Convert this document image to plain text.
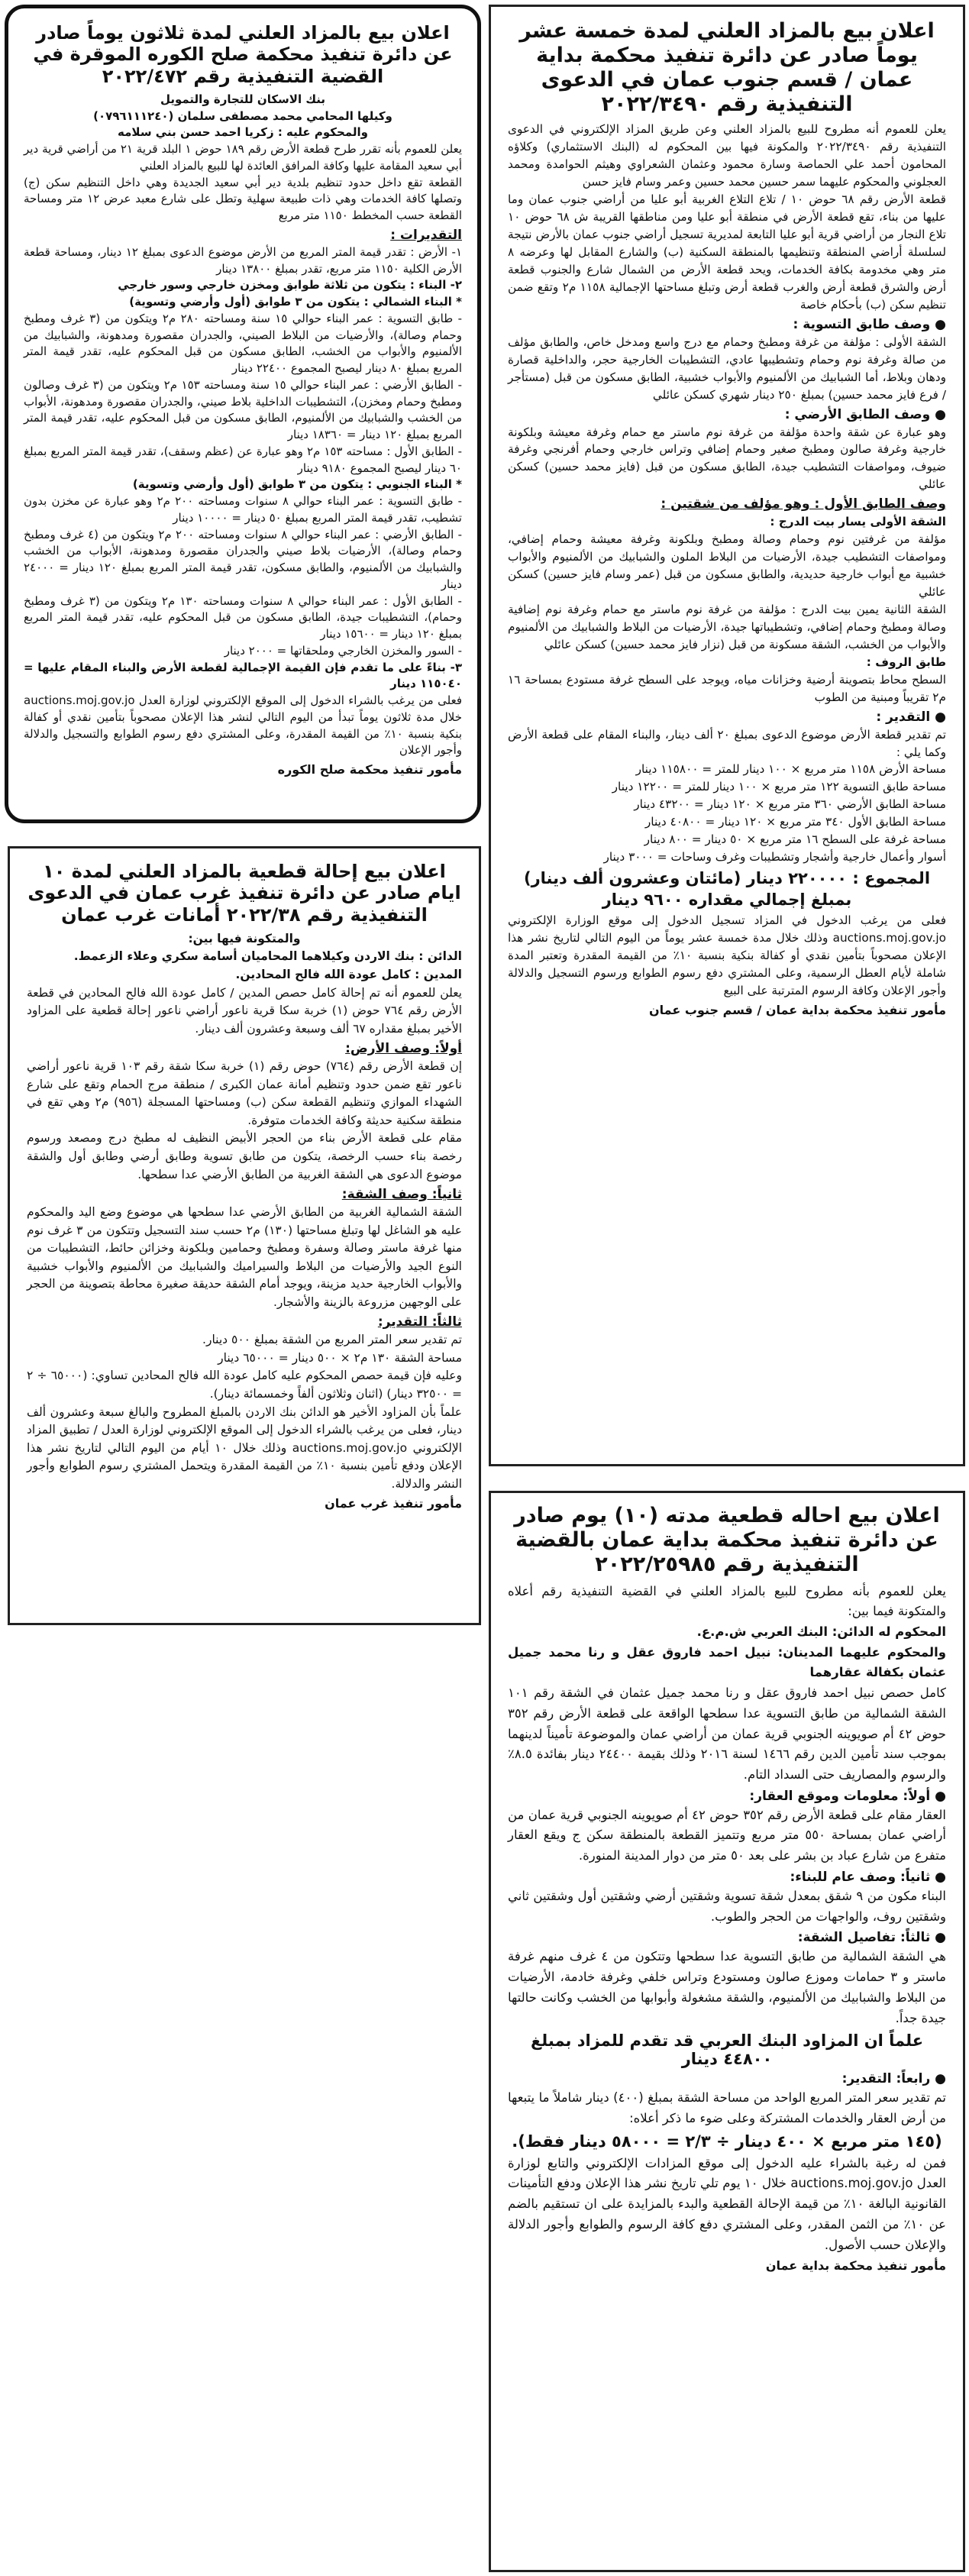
اعلان بيع بالمزاد العلني لمدة خمسة عشر يوماً صادر عن دائرة تنفيذ محكمة بداية عمان / قسم جنوب عمان في الدعوى التنفيذية رقم ٢٠٢٢/٣٤٩٠

يعلن للعموم أنه مطروح للبيع بالمزاد العلني وعن طريق المزاد الإلكتروني في الدعوى التنفيذية رقم ٢٠٢٢/٣٤٩٠ والمكونة فيها بين المحكوم له (البنك الاستثماري) وكلاؤه المحامون أحمد علي الحماصة وسارة محمود وعثمان الشعراوي وهيثم الحوامدة ومحمد العجلوني والمحكوم عليهما سمر حسين محمد حسين وعمر وسام فايز حسن

قطعة الأرض رقم ٦٨ حوض ١٠ / تلاع التلاع الغربية أبو عليا من أراضي جنوب عمان وما عليها من بناء، تقع قطعة الأرض في منطقة أبو عليا ومن مناطقها القريبة ش ٦٨ حوض ١٠ تلاع النجار من أراضي قرية أبو عليا التابعة لمديرية تسجيل أراضي جنوب عمان بالأرض نتيجة لسلسلة أراضي المنطقة وتنظيمها بالمنطقة السكنية (ب) والشارع المقابل لها وعرضه ٨ متر وهي مخدومة بكافة الخدمات، ويحد قطعة الأرض من الشمال شارع والجنوب قطعة أرض والشرق قطعة أرض والغرب قطعة أرض وتبلغ مساحتها الإجمالية ١١٥٨ م٢ وتقع ضمن تنظيم سكن (ب) بأحكام خاصة

● وصف طابق التسوية :

الشقة الأولى : مؤلفة من غرفة ومطبخ وحمام مع درج واسع ومدخل خاص، والطابق مؤلف من صالة وغرفة نوم وحمام وتشطيبها عادي، التشطيبات الخارجية حجر، والداخلية قصارة ودهان وبلاط، أما الشبابيك من الألمنيوم والأبواب خشبية، الطابق مسكون من قبل (مستأجر / فرع فايز محمد حسين) بمبلغ ٢٥٠ دينار شهري كسكن عائلي

● وصف الطابق الأرضي :

وهو عبارة عن شقة واحدة مؤلفة من غرفة نوم ماستر مع حمام وغرفة معيشة وبلكونة خارجية وغرفة صالون ومطبخ صغير وحمام إضافي وتراس خارجي وحمام أفرنجي وغرفة ضيوف، ومواصفات التشطيب جيدة، الطابق مسكون من قبل (فايز محمد حسين) كسكن عائلي

وصف الطابق الأول : وهو مؤلف من شقتين :

الشقة الأولى يسار بيت الدرج :

مؤلفة من غرفتين نوم وحمام وصالة ومطبخ وبلكونة وغرفة معيشة وحمام إضافي، ومواصفات التشطيب جيدة، الأرضيات من البلاط الملون والشبابيك من الألمنيوم والأبواب خشبية مع أبواب خارجية حديدية، والطابق مسكون من قبل (عمر وسام فايز حسين) كسكن عائلي

الشقة الثانية يمين بيت الدرج : مؤلفة من غرفة نوم ماستر مع حمام وغرفة نوم إضافية وصالة ومطبخ وحمام إضافي، وتشطيباتها جيدة، الأرضيات من البلاط والشبابيك من الألمنيوم والأبواب من الخشب، الشقة مسكونة من قبل (نزار فايز محمد حسين) كسكن عائلي

طابق الروف :

السطح محاط بتصوينة أرضية وخزانات مياه، ويوجد على السطح غرفة مستودع بمساحة ١٦ م٢ تقريباً ومبنية من الطوب

● التقدير :

تم تقدير قطعة الأرض موضوع الدعوى بمبلغ ٢٠ ألف دينار، والبناء المقام على قطعة الأرض وكما يلي :

مساحة الأرض ١١٥٨ متر مربع × ١٠٠ دينار للمتر = ١١٥٨٠٠ دينار

مساحة طابق التسوية ١٢٢ متر مربع × ١٠٠ دينار للمتر = ١٢٢٠٠ دينار

مساحة الطابق الأرضي ٣٦٠ متر مربع × ١٢٠ دينار = ٤٣٢٠٠ دينار

مساحة الطابق الأول ٣٤٠ متر مربع × ١٢٠ دينار = ٤٠٨٠٠ دينار

مساحة غرفة على السطح ١٦ متر مربع × ٥٠ دينار = ٨٠٠ دينار

أسوار وأعمال خارجية وأشجار وتشطيبات وغرف وساحات = ٣٠٠٠ دينار

المجموع : ٢٢٠٠٠٠ دينار (مائتان وعشرون ألف دينار)

بمبلغ إجمالي مقداره ٩٦٠٠ دينار

فعلى من يرغب الدخول في المزاد تسجيل الدخول إلى موقع الوزارة الإلكتروني auctions.moj.gov.jo وذلك خلال مدة خمسة عشر يوماً من اليوم التالي لتاريخ نشر هذا الإعلان مصحوباً بتأمين نقدي أو كفالة بنكية بنسبة ١٠٪ من القيمة المقدرة وتعتبر المدة شاملة لأيام العطل الرسمية، وعلى المشتري دفع رسوم الطوابع ورسوم التسجيل والدلالة وأجور الإعلان وكافة الرسوم المترتبة على البيع

مأمور تنفيذ محكمة بداية عمان / قسم جنوب عمان

اعلان بيع بالمزاد العلني لمدة ثلاثون يوماً صادر عن دائرة تنفيذ محكمة صلح الكوره الموقرة في القضية التنفيذية رقم ٢٠٢٢/٤٧٢

بنك الاسكان للتجارة والتمويل

وكيلها المحامي محمد مصطفى سلمان (٠٧٩٦١١١٢٤٠)

والمحكوم عليه : زكريا احمد حسن بني سلامه

يعلن للعموم بأنه تقرر طرح قطعة الأرض رقم ١٨٩ حوض ١ البلد قرية ٢١ من أراضي قرية دير أبي سعيد المقامة عليها وكافة المرافق العائدة لها للبيع بالمزاد العلني

القطعة تقع داخل حدود تنظيم بلدية دير أبي سعيد الجديدة وهي داخل التنظيم سكن (ج) وتصلها كافة الخدمات وهي ذات طبيعة سهلية وتطل على شارع معبد عرض ١٢ متر ومساحة القطعة حسب المخطط ١١٥٠ متر مربع

التقديرات :

١- الأرض : تقدر قيمة المتر المربع من الأرض موضوع الدعوى بمبلغ ١٢ دينار، ومساحة قطعة الأرض الكلية ١١٥٠ متر مربع، تقدر بمبلغ ١٣٨٠٠ دينار

٢- البناء : يتكون من ثلاثة طوابق ومخزن خارجي وسور خارجي

* البناء الشمالي : يتكون من ٣ طوابق (أول وأرضي وتسوية)

- طابق التسوية : عمر البناء حوالي ١٥ سنة ومساحته ٢٨٠ م٢ ويتكون من (٣ غرف ومطبخ وحمام وصالة)، والأرضيات من البلاط الصيني، والجدران مقصورة ومدهونة، والشبابيك من الألمنيوم والأبواب من الخشب، الطابق مسكون من قبل المحكوم عليه، تقدر قيمة المتر المربع بمبلغ ٨٠ دينار ليصبح المجموع ٢٢٤٠٠ دينار

- الطابق الأرضي : عمر البناء حوالي ١٥ سنة ومساحته ١٥٣ م٢ ويتكون من (٣ غرف وصالون ومطبخ وحمام ومخزن)، التشطيبات الداخلية بلاط صيني، والجدران مقصورة ومدهونة، الأبواب من الخشب والشبابيك من الألمنيوم، الطابق مسكون من قبل المحكوم عليه، تقدر قيمة المتر المربع بمبلغ ١٢٠ دينار = ١٨٣٦٠ دينار

- الطابق الأول : مساحته ١٥٣ م٢ وهو عبارة عن (عظم وسقف)، تقدر قيمة المتر المربع بمبلغ ٦٠ دينار ليصبح المجموع ٩١٨٠ دينار

* البناء الجنوبي : يتكون من ٣ طوابق (أول وأرضي وتسوية)

- طابق التسوية : عمر البناء حوالي ٨ سنوات ومساحته ٢٠٠ م٢ وهو عبارة عن مخزن بدون تشطيب، تقدر قيمة المتر المربع بمبلغ ٥٠ دينار = ١٠٠٠٠ دينار

- الطابق الأرضي : عمر البناء حوالي ٨ سنوات ومساحته ٢٠٠ م٢ ويتكون من (٤ غرف ومطبخ وحمام وصالة)، الأرضيات بلاط صيني والجدران مقصورة ومدهونة، الأبواب من الخشب والشبابيك من الألمنيوم، والطابق مسكون، تقدر قيمة المتر المربع بمبلغ ١٢٠ دينار = ٢٤٠٠٠ دينار

- الطابق الأول : عمر البناء حوالي ٨ سنوات ومساحته ١٣٠ م٢ ويتكون من (٣ غرف ومطبخ وحمام)، التشطيبات جيدة، الطابق مسكون من قبل المحكوم عليه، تقدر قيمة المتر المربع بمبلغ ١٢٠ دينار = ١٥٦٠٠ دينار

- السور والمخزن الخارجي وملحقاتها = ٢٠٠٠ دينار

٣- بناءً على ما تقدم فإن القيمة الإجمالية لقطعة الأرض والبناء المقام عليها = ١١٥٠٤٠ دينار

فعلى من يرغب بالشراء الدخول إلى الموقع الإلكتروني لوزارة العدل auctions.moj.gov.jo خلال مدة ثلاثون يوماً تبدأ من اليوم التالي لنشر هذا الإعلان مصحوباً بتأمين نقدي أو كفالة بنكية بنسبة ١٠٪ من القيمة المقدرة، وعلى المشتري دفع رسوم الطوابع والتسجيل والدلالة وأجور الإعلان

مأمور تنفيذ محكمة صلح الكوره

اعلان بيع احاله قطعية مدته (١٠) يوم صادر عن دائرة تنفيذ محكمة بداية عمان بالقضية التنفيذية رقم ٢٠٢٢/٢٥٩٨٥

يعلن للعموم بأنه مطروح للبيع بالمزاد العلني في القضية التنفيذية رقم أعلاه والمتكونة فيما بين:

المحكوم له الدائن: البنك العربي ش.م.ع.

والمحكوم عليهما المدينان: نبيل احمد فاروق عقل و رنا محمد جميل عثمان بكفالة عقارهما

كامل حصص نبيل احمد فاروق عقل و رنا محمد جميل عثمان في الشقة رقم ١٠١ الشقة الشمالية من طابق التسوية عدا سطحها الواقعة على قطعة الأرض رقم ٣٥٢ حوض ٤٢ أم صويوينه الجنوبي قرية عمان من أراضي عمان والموضوعة تأميناً لدينهما بموجب سند تأمين الدين رقم ١٤٦٦ لسنة ٢٠١٦ وذلك بقيمة ٢٤٤٠٠ دينار بفائدة ٨.٥٪ والرسوم والمصاريف حتى السداد التام.

● أولاً: معلومات وموقع العقار:

العقار مقام على قطعة الأرض رقم ٣٥٢ حوض ٤٢ أم صويوينه الجنوبي قرية عمان من أراضي عمان بمساحة ٥٥٠ متر مربع وتتميز القطعة بالمنطقة سكن ج ويقع العقار متفرع من شارع عباد بن بشر على بعد ٥٠ متر من دوار المدينة المنورة.

● ثانياً: وصف عام للبناء:

البناء مكون من ٩ شقق بمعدل شقة تسوية وشقتين أرضي وشقتين أول وشقتين ثاني وشقتين روف، والواجهات من الحجر والطوب.

● ثالثاً: تفاصيل الشقة:

هي الشقة الشمالية من طابق التسوية عدا سطحها وتتكون من ٤ غرف منهم غرفة ماستر و ٣ حمامات وموزع صالون ومستودع وتراس خلفي وغرفة خادمة، الأرضيات من البلاط والشبابيك من الألمنيوم، والشقة مشغولة وأبوابها من الخشب وكانت حالتها جيدة جداً.

علماً ان المزاود البنك العربي قد تقدم للمزاد بمبلغ ٤٤٨٠٠ دينار

● رابعاً: التقدير:

تم تقدير سعر المتر المربع الواحد من مساحة الشقة بمبلغ (٤٠٠) دينار شاملاً ما يتبعها من أرض العقار والخدمات المشتركة وعلى ضوء ما ذكر أعلاه:

(١٤٥ متر مربع × ٤٠٠ دينار ÷ ٢/٣ = ٥٨٠٠٠ دينار فقط).

فمن له رغبة بالشراء عليه الدخول إلى موقع المزادات الإلكتروني والتابع لوزارة العدل auctions.moj.gov.jo خلال ١٠ يوم تلي تاريخ نشر هذا الإعلان ودفع التأمينات القانونية البالغة ١٠٪ من قيمة الإحالة القطعية والبدء بالمزايدة على ان تستقيم بالضم عن ١٠٪ من الثمن المقدر، وعلى المشتري دفع كافة الرسوم والطوابع وأجور الدلالة والإعلان حسب الأصول.

مأمور تنفيذ محكمة بداية عمان

اعلان بيع إحالة قطعية بالمزاد العلني لمدة ١٠ ايام صادر عن دائرة تنفيذ غرب عمان في الدعوى التنفيذية رقم ٢٠٢٢/٣٨ أمانات غرب عمان

والمتكونة فيها بين:

الدائن : بنك الاردن وكيلاهما المحاميان أسامة سكري وعلاء الزعمط.

المدين : كامل عودة الله فالح المحادين.

يعلن للعموم أنه تم إحالة كامل حصص المدين / كامل عودة الله فالح المحادين في قطعة الأرض رقم ٧٦٤ حوض (١) خربة سكا قرية ناعور أراضي ناعور إحالة قطعية على المزاود الأخير بمبلغ مقداره ٦٧ ألف وسبعة وعشرون ألف دينار.

أولاً: وصف الأرض:

إن قطعة الأرض رقم (٧٦٤) حوض رقم (١) خربة سكا شقة رقم ١٠٣ قرية ناعور أراضي ناعور تقع ضمن حدود وتنظيم أمانة عمان الكبرى / منطقة مرج الحمام وتقع على شارع الشهداء الموازي وتنظيم القطعة سكن (ب) ومساحتها المسجلة (٩٥٦) م٢ وهي تقع في منطقة سكنية حديثة وكافة الخدمات متوفرة.

مقام على قطعة الأرض بناء من الحجر الأبيض النظيف له مطبخ درج ومصعد ورسوم رخصة بناء حسب الرخصة، يتكون من طابق تسوية وطابق أرضي وطابق أول والشقة موضوع الدعوى هي الشقة الغربية من الطابق الأرضي عدا سطحها.

ثانياً: وصف الشقة:

الشقة الشمالية الغربية من الطابق الأرضي عدا سطحها هي موضوع وضع اليد والمحكوم عليه هو الشاغل لها وتبلغ مساحتها (١٣٠) م٢ حسب سند التسجيل وتتكون من ٣ غرف نوم منها غرفة ماستر وصالة وسفرة ومطبخ وحمامين وبلكونة وخزائن حائط، التشطيبات من النوع الجيد والأرضيات من البلاط والسيراميك والشبابيك من الألمنيوم والأبواب خشبية والأبواب الخارجية حديد مزينة، ويوجد أمام الشقة حديقة صغيرة محاطة بتصوينة من الحجر على الوجهين مزروعة بالزينة والأشجار.

ثالثاً: التقدير:

تم تقدير سعر المتر المربع من الشقة بمبلغ ٥٠٠ دينار.

مساحة الشقة ١٣٠ م٢ × ٥٠٠ دينار = ٦٥٠٠٠ دينار

وعليه فإن قيمة حصص المحكوم عليه كامل عودة الله فالح المحادين تساوي: (٦٥٠٠٠ ÷ ٢ = ٣٢٥٠٠ دينار) (اثنان وثلاثون ألفاً وخمسمائة دينار).

علماً بأن المزاود الأخير هو الدائن بنك الاردن بالمبلغ المطروح والبالغ سبعة وعشرون ألف دينار، فعلى من يرغب بالشراء الدخول إلى الموقع الإلكتروني لوزارة العدل / تطبيق المزاد الإلكتروني auctions.moj.gov.jo وذلك خلال ١٠ أيام من اليوم التالي لتاريخ نشر هذا الإعلان ودفع تأمين بنسبة ١٠٪ من القيمة المقدرة ويتحمل المشتري رسوم الطوابع وأجور النشر والدلالة.

مأمور تنفيذ غرب عمان
